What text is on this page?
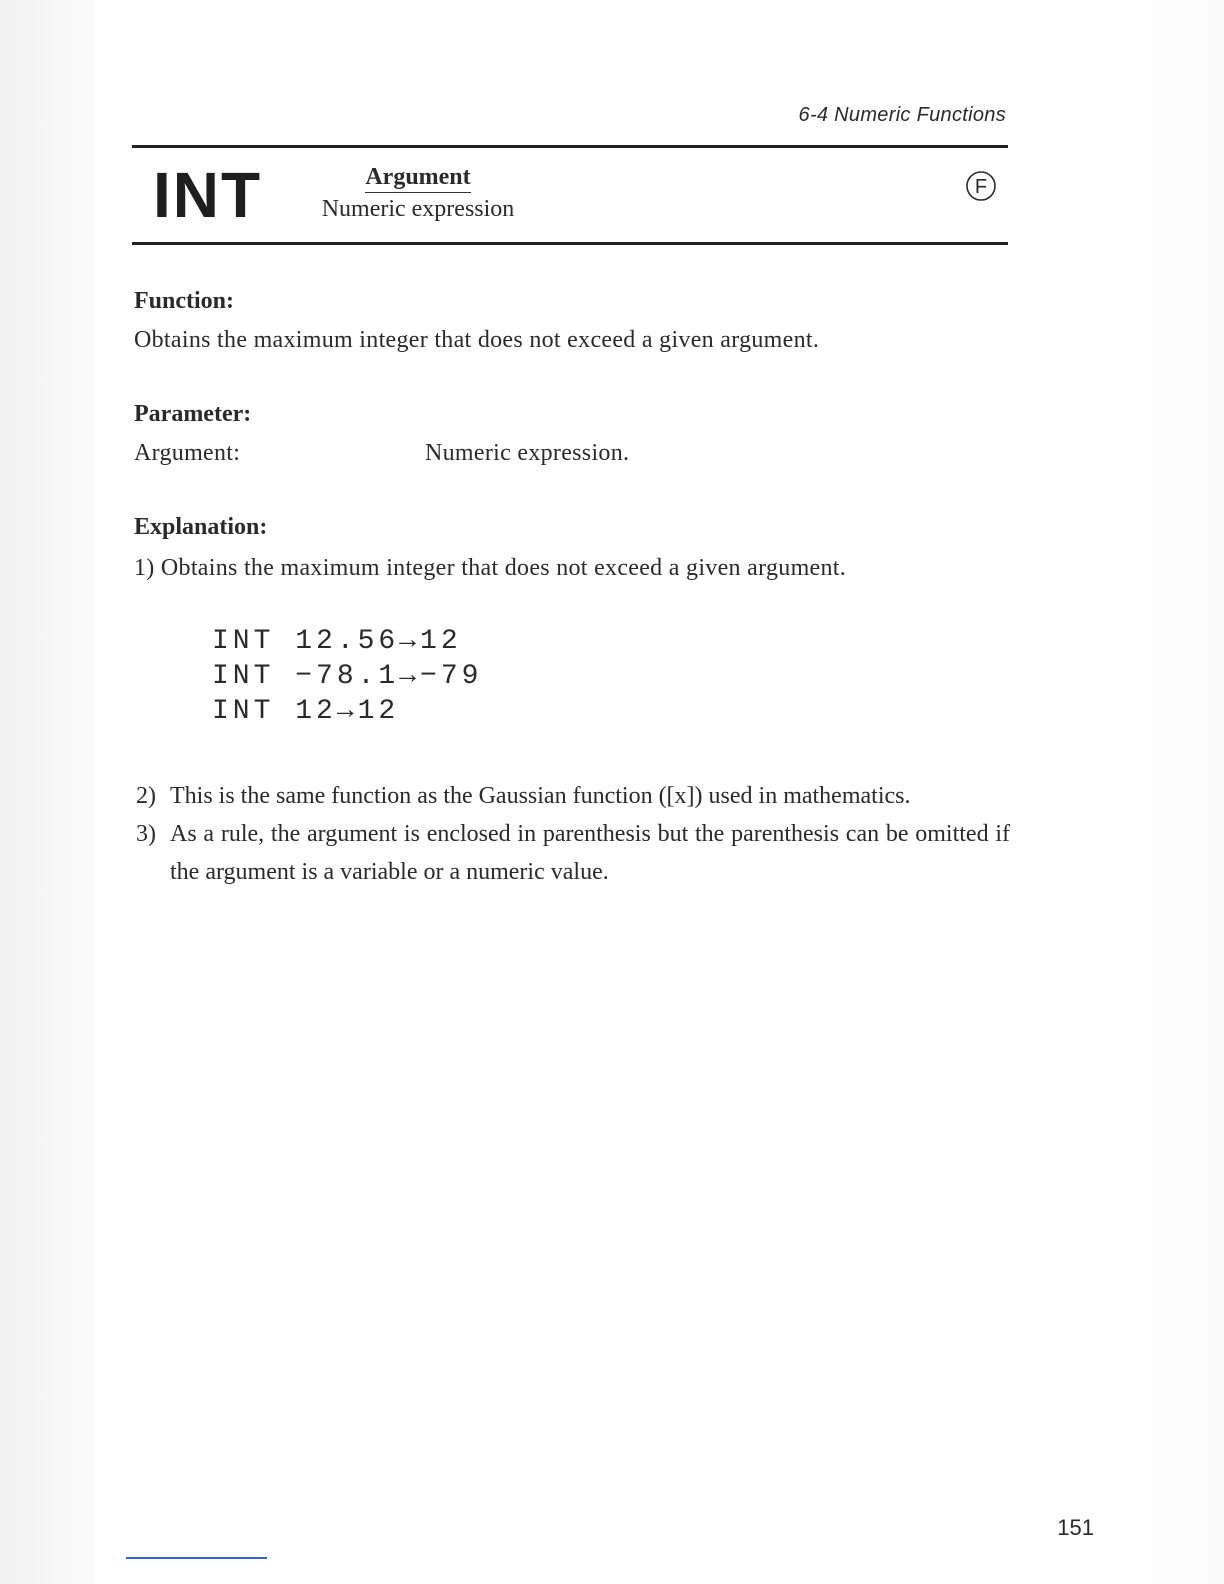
6-4 Numeric Functions
INT	Argument
Numeric expression
F
Function:
Obtains the maximum integer that does not exceed a given argument.
Parameter:
Argument:	Numeric expression.
Explanation:
1) Obtains the maximum integer that does not exceed a given argument.
INT 12.56→12
INT −78.1→−79
INT 12→12
2) This is the same function as the Gaussian function ([x]) used in mathematics.
3) As a rule, the argument is enclosed in parenthesis but the parenthesis can be omitted if the argument is a variable or a numeric value.
151
